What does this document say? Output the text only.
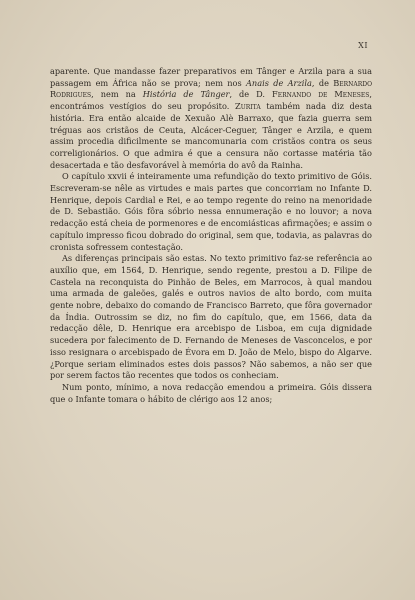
XI

aparente. Que mandasse fazer preparativos em Tânger e Arzila para a sua passagem em África não se prova; nem nos Anais de Arzila, de Bernardo Rodrigues, nem na História de Tânger, de D. Fernando de Meneses, encontrámos vestígios do seu propósito. Zurita também nada diz desta história. Era então alcaide de Xexuão Alè Barraxo, que fazia guerra sem tréguas aos cristãos de Ceuta, Alcácer-Ceguer, Tânger e Arzila, e quem assim procedia dificilmente se mancomunaria com cristãos contra os seus correligionários. O que admira é que a censura não cortasse matéria tão desacertada e tão desfavorável à memória do avô da Rainha.

O capítulo xxvii é inteiramente uma refundição do texto primitivo de Góis. Escreveram-se nêle as virtudes e mais partes que concorriam no Infante D. Henrique, depois Cardial e Rei, e ao tempo regente do reino na menoridade de D. Sebastião. Góis fôra sóbrio nessa ennumeração e no louvor; a nova redacção está cheia de pormenores e de encomiásticas afirmações; e assim o capítulo impresso ficou dobrado do original, sem que, todavia, as palavras do cronista sofressem contestação.

As diferenças principais são estas. No texto primitivo faz-se referência ao auxílio que, em 1564, D. Henrique, sendo regente, prestou a D. Filipe de Castela na reconquista do Pinhão de Beles, em Marrocos, à qual mandou uma armada de galeões, galés e outros navios de alto bordo, com muita gente nobre, debaixo do comando de Francisco Barreto, que fôra governador da Índia. Outrossim se diz, no fim do capítulo, que, em 1566, data da redacção dêle, D. Henrique era arcebispo de Lisboa, em cuja dignidade sucedera por falecimento de D. Fernando de Meneses de Vasconcelos, e por isso resignara o arcebispado de Évora em D. João de Melo, bispo do Algarve. ¿Porque seriam eliminados estes dois passos? Não sabemos, a não ser que por serem factos tão recentes que todos os conheciam.

Num ponto, mínimo, a nova redacção emendou a primeira. Góis dissera que o Infante tomara o hábito de clérigo aos 12 anos;
